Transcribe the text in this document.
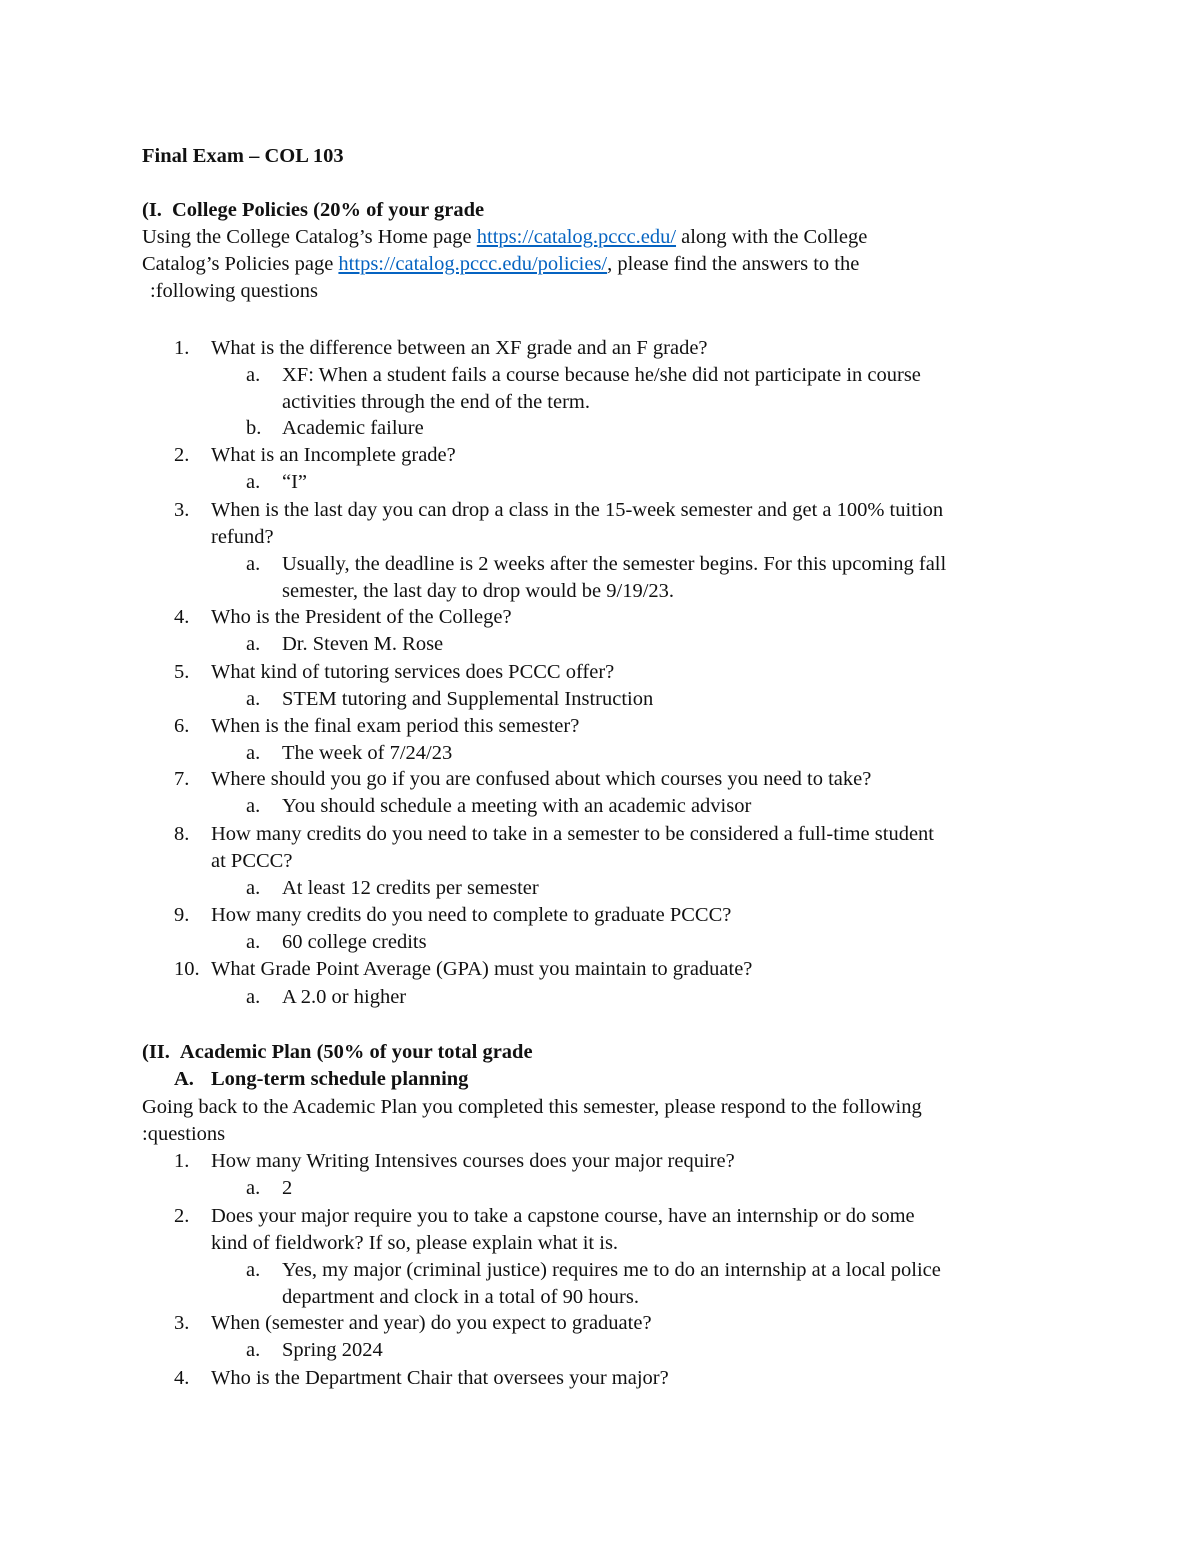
Final Exam – COL 103
(I. College Policies (20% of your grade
Using the College Catalog’s Home page https://catalog.pccc.edu/ along with the College
Catalog’s Policies page https://catalog.pccc.edu/policies/, please find the answers to the
:following questions
1.	What is the difference between an XF grade and an F grade?
a.	XF: When a student fails a course because he/she did not participate in course
activities through the end of the term.
b.	Academic failure
2.	What is an Incomplete grade?
a.	“I”
3.	When is the last day you can drop a class in the 15-week semester and get a 100% tuition
refund?
a.	Usually, the deadline is 2 weeks after the semester begins. For this upcoming fall
semester, the last day to drop would be 9/19/23.
4.	Who is the President of the College?
a.	Dr. Steven M. Rose
5.	What kind of tutoring services does PCCC offer?
a.	STEM tutoring and Supplemental Instruction
6.	When is the final exam period this semester?
a.	The week of 7/24/23
7.	Where should you go if you are confused about which courses you need to take?
a.	You should schedule a meeting with an academic advisor
8.	How many credits do you need to take in a semester to be considered a full-time student
at PCCC?
a.	At least 12 credits per semester
9.	How many credits do you need to complete to graduate PCCC?
a.	60 college credits
10. What Grade Point Average (GPA) must you maintain to graduate?
a.	A 2.0 or higher
(II. Academic Plan (50% of your total grade
A. Long-term schedule planning
Going back to the Academic Plan you completed this semester, please respond to the following
:questions
1.	How many Writing Intensives courses does your major require?
a.	2
2.	Does your major require you to take a capstone course, have an internship or do some
kind of fieldwork? If so, please explain what it is.
a.	Yes, my major (criminal justice) requires me to do an internship at a local police
department and clock in a total of 90 hours.
3.	When (semester and year) do you expect to graduate?
a.	Spring 2024
4.	Who is the Department Chair that oversees your major?
